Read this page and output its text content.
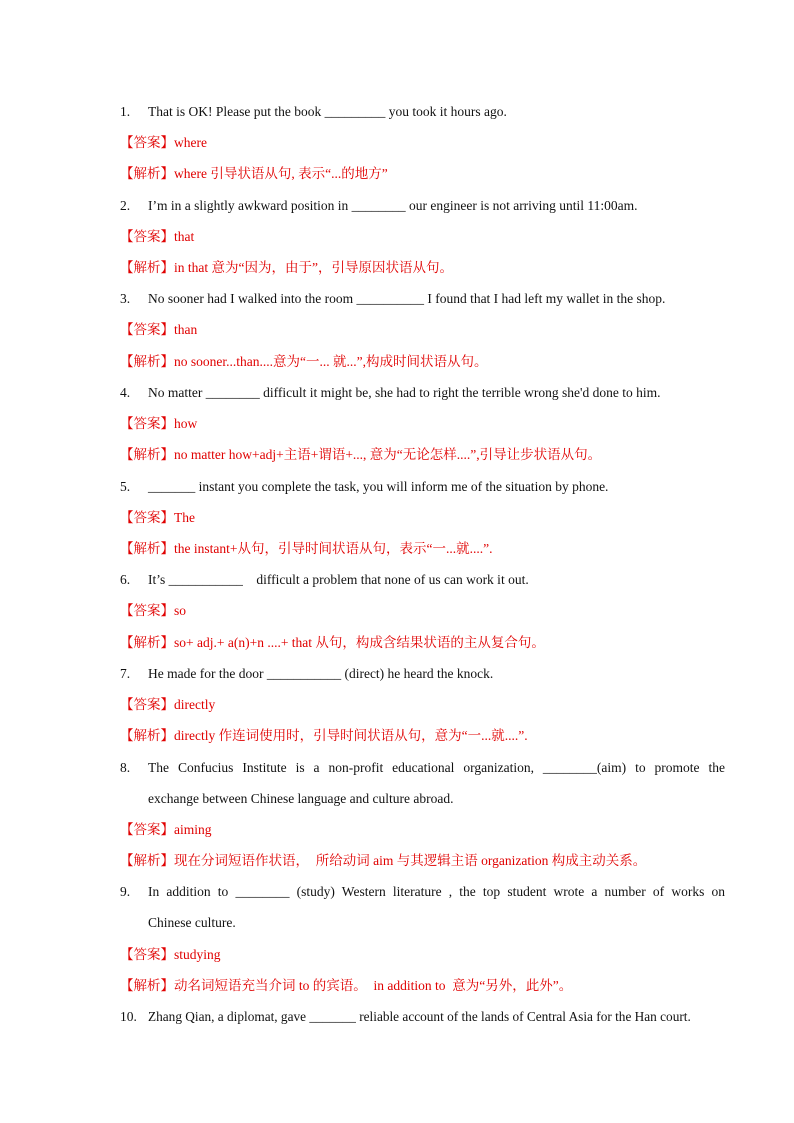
1. That is OK! Please put the book _________ you took it hours ago.
【答案】where
【解析】where 引导状语从句, 表示“...的地方”
2. I’m in a slightly awkward position in ________ our engineer is not arriving until 11:00am.
【答案】that
【解析】in that 意为“因为，由于”，引导原因状语从句。
3. No sooner had I walked into the room __________ I found that I had left my wallet in the shop.
【答案】than
【解析】no sooner...than....意为“一... 就...”,构成时间状语从句。
4. No matter ________ difficult it might be, she had to right the terrible wrong she'd done to him.
【答案】how
【解析】no matter how+adj+主语+谓语+..., 意为“无论怎样....”,引导让步状语从句。
5. _______ instant you complete the task, you will inform me of the situation by phone.
【答案】The
【解析】the instant+从句，引导时间状语从句，表示“一...就....”.
6. It’s ___________    difficult a problem that none of us can work it out.
【答案】so
【解析】so+ adj.+ a(n)+n ....+ that 从句，构成含结果状语的主从复合句。
7. He made for the door ___________ (direct) he heard the knock.
【答案】directly
【解析】directly 作连词使用时，引导时间状语从句，意为“一...就....”.
8. The Confucius Institute is a non-profit educational organization, ________(aim) to promote the
exchange between Chinese language and culture abroad.
【答案】aiming
【解析】现在分词短语作状语，  所给动词 aim 与其逻辑主语 organization 构成主动关系。
9. In addition to ________ (study) Western literature , the top student wrote a number of works on
Chinese culture.
【答案】studying
【解析】动名词短语充当介词 to 的宾语。  in addition to  意为“另外，此外”。
10. Zhang Qian, a diplomat, gave _______ reliable account of the lands of Central Asia for the Han court.
